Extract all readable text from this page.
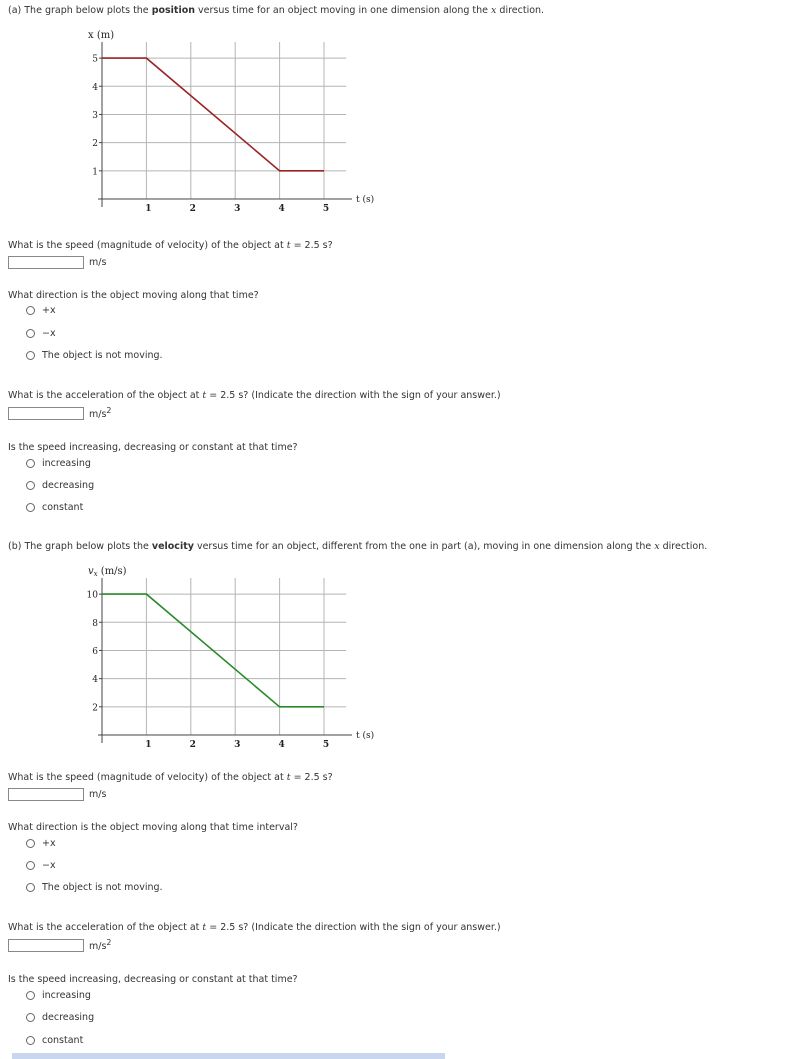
(a) The graph below plots the position versus time for an object moving in one dimension along the x direction.
1
2
3
4
5
1	2	3	4	5
t (s)
x (m)
What is the speed (magnitude of velocity) of the object at t = 2.5 s?
m/s
What direction is the object moving along that time?
+x
−x
The object is not moving.
What is the acceleration of the object at t = 2.5 s? (Indicate the direction with the sign of your answer.)
$m/s^2$
Is the speed increasing, decreasing or constant at that time?
increasing
decreasing
constant
(b) The graph below plots the velocity versus time for an object, different from the one in part (a), moving in one dimension along the x direction.
2
4
6
8
10
1	2	3	4	5
t (s)
$v_x$ (m/s)
What is the speed (magnitude of velocity) of the object at t = 2.5 s?
m/s
What direction is the object moving along that time interval?
+x
−x
The object is not moving.
What is the acceleration of the object at t = 2.5 s? (Indicate the direction with the sign of your answer.)
$m/s^2$
Is the speed increasing, decreasing or constant at that time?
increasing
decreasing
constant
